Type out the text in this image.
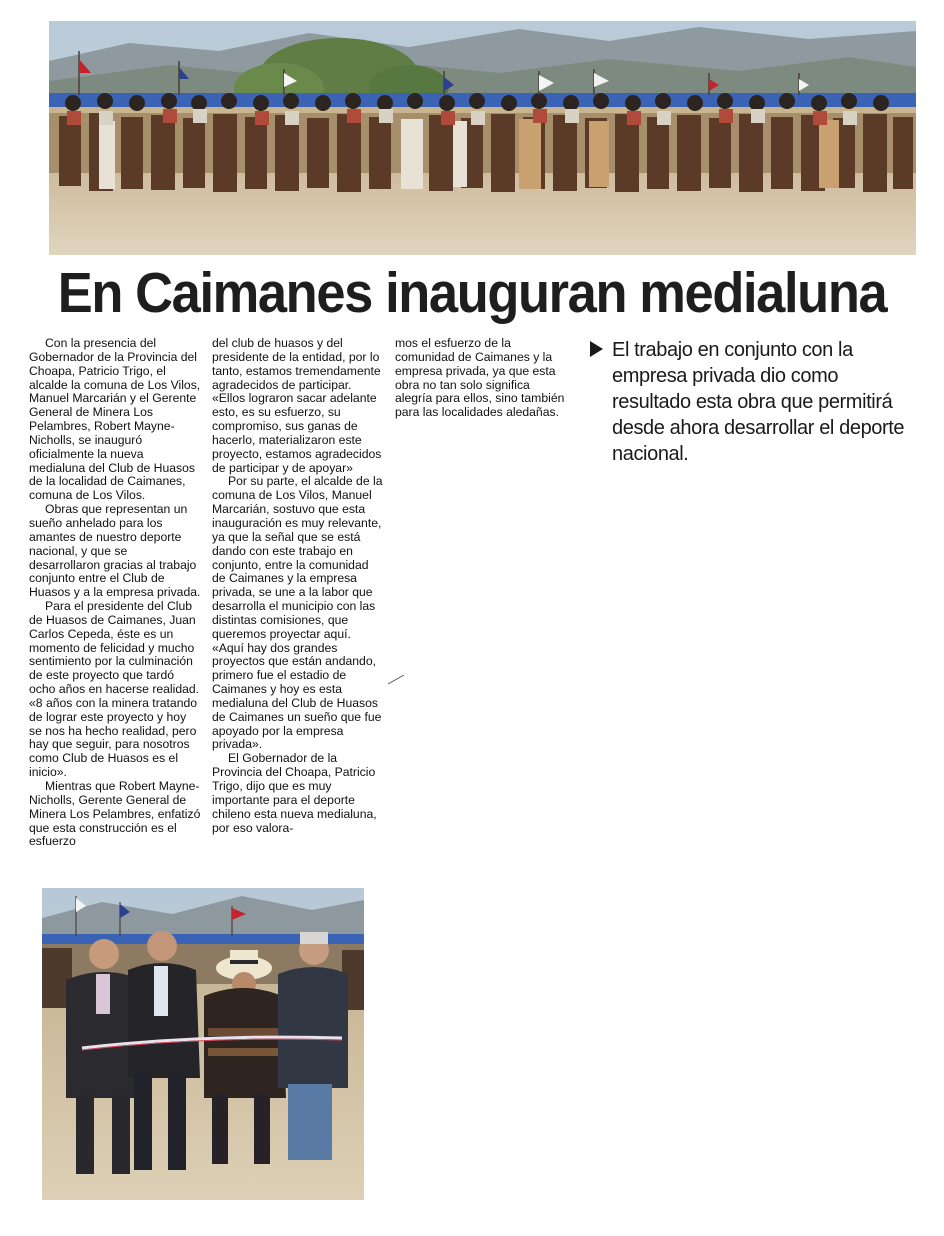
En Caimanes inauguran medialuna

Con la presencia del Gobernador de la Provincia del Choapa, Patricio Trigo, el alcalde la comuna de Los Vilos, Manuel Marcarián y el Gerente General de Minera Los Pelambres, Robert Mayne-Nicholls, se inauguró oficialmente la nueva medialuna del Club de Huasos de la localidad de Caimanes, comuna de Los Vilos.

Obras que representan un sueño anhelado para los amantes de nuestro deporte nacional, y que se desarrollaron gracias al trabajo conjunto entre el Club de Huasos y a la empresa privada.

Para el presidente del Club de Huasos de Caimanes, Juan Carlos Cepeda, éste es un momento de felicidad y mucho sentimiento por la culminación de este proyecto que tardó ocho años en hacerse realidad. «8 años con la minera tratando de lograr este proyecto y hoy se nos ha hecho realidad, pero hay que seguir, para nosotros como Club de Huasos es el inicio».

Mientras que Robert Mayne-Nicholls, Gerente General de Minera Los Pelambres, enfatizó que esta construcción es el esfuerzo

del club de huasos y del presidente de la entidad, por lo tanto, estamos tremendamente agradecidos de participar. «Ellos lograron sacar adelante esto, es su esfuerzo, su compromiso, sus ganas de hacerlo, materializaron este proyecto, estamos agradecidos de participar y de apoyar»

Por su parte, el alcalde de la comuna de Los Vilos, Manuel Marcarián, sostuvo que esta inauguración es muy relevante, ya que la señal que se está dando con este trabajo en conjunto, entre la comunidad de Caimanes y la empresa privada, se une a la labor que desarrolla el municipio con las distintas comisiones, que queremos proyectar aquí. «Aquí hay dos grandes proyectos que están andando, primero fue el estadio de Caimanes y hoy es esta medialuna del Club de Huasos de Caimanes un sueño que fue apoyado por la empresa privada».

El Gobernador de la Provincia del Choapa, Patricio Trigo, dijo que es muy importante para el deporte chileno esta nueva medialuna, por eso valora-

mos el esfuerzo de la comunidad de Caimanes y la empresa privada, ya que esta obra no tan solo significa alegría para ellos, sino también para las localidades aledañas.

El trabajo en conjunto con la empresa privada dio como resultado esta obra que permitirá desde ahora desarrollar el deporte nacional.
